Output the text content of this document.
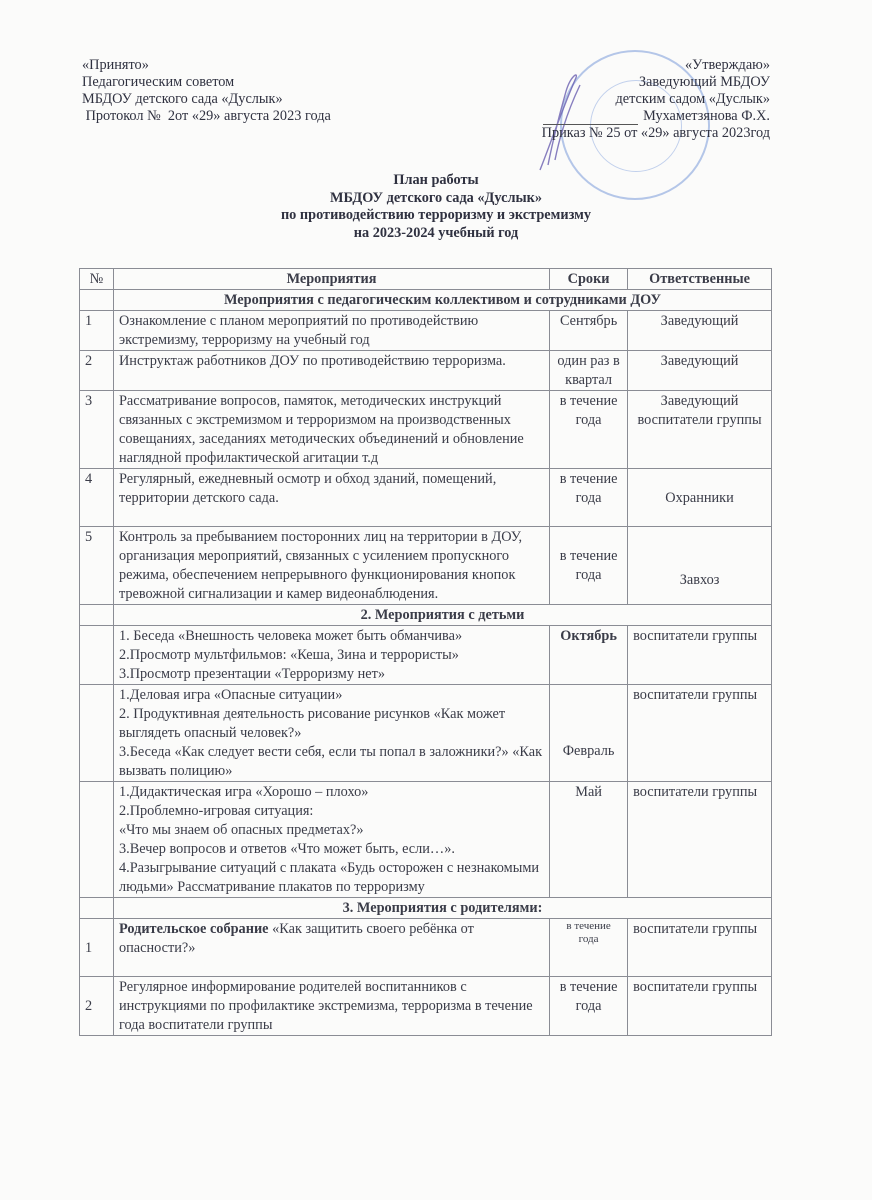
«Принято»
Педагогическим советом
МБДОУ детского сада «Дуслык»
Протокол №  2от «29» августа 2023 года
«Утверждаю»
Заведующий МБДОУ
детским садом «Дуслык»
Мухаметзянова Ф.Х.
Приказ № 25 от «29» августа 2023год
План работы
МБДОУ детского сада «Дуслык»
по противодействию терроризму и экстремизму
на 2023-2024 учебный год
№	Мероприятия	Сроки	Ответственные
	Мероприятия с педагогическим коллективом и сотрудниками ДОУ		
1	Ознакомление с планом мероприятий по противодействию экстремизму, терроризму на учебный год	Сентябрь	Заведующий
2	Инструктаж работников ДОУ по противодействию терроризма.	один раз в квартал	Заведующий
3	Рассматривание вопросов, памяток, методических инструкций связанных с экстремизмом и терроризмом на производственных совещаниях, заседаниях методических объединений и обновление наглядной профилактической агитации т.д	в течение года	Заведующий воспитатели группы
4	Регулярный, ежедневный осмотр и обход зданий, помещений, территории детского сада.	в течение года	Охранники
5	Контроль за пребыванием посторонних лиц на территории в ДОУ, организация мероприятий, связанных с усилением пропускного режима, обеспечением непрерывного функционирования кнопок тревожной сигнализации и камер видеонаблюдения.	в течение года	Завхоз
	2. Мероприятия с детьми		

	1. Беседа «Внешность человека может быть обманчива»
2.Просмотр мультфильмов: «Кеша, Зина и террористы»
3.Просмотр презентации «Терроризму нет»	Октябрь	воспитатели группы

	1.Деловая игра «Опасные ситуации»
2. Продуктивная деятельность рисование рисунков «Как может выглядеть опасный человек?»
3.Беседа «Как следует вести себя, если ты попал в заложники?» «Как вызвать полицию»	Февраль	воспитатели группы

	1.Дидактическая игра «Хорошо – плохо»
2.Проблемно-игровая ситуация:
«Что мы знаем об опасных предметах?»
3.Вечер вопросов и ответов «Что может быть, если…».
4.Разыгрывание ситуаций с плаката «Будь осторожен с незнакомыми людьми» Рассматривание плакатов по терроризму	Май	воспитатели группы
	3. Мероприятия с родителями:		
1	Родительское собрание «Как защитить своего ребёнка от опасности?»	в течение года	воспитатели группы
2	Регулярное информирование родителей воспитанников с инструкциями по профилактике экстремизма, терроризма в течение года воспитатели группы	в течение года	воспитатели группы
